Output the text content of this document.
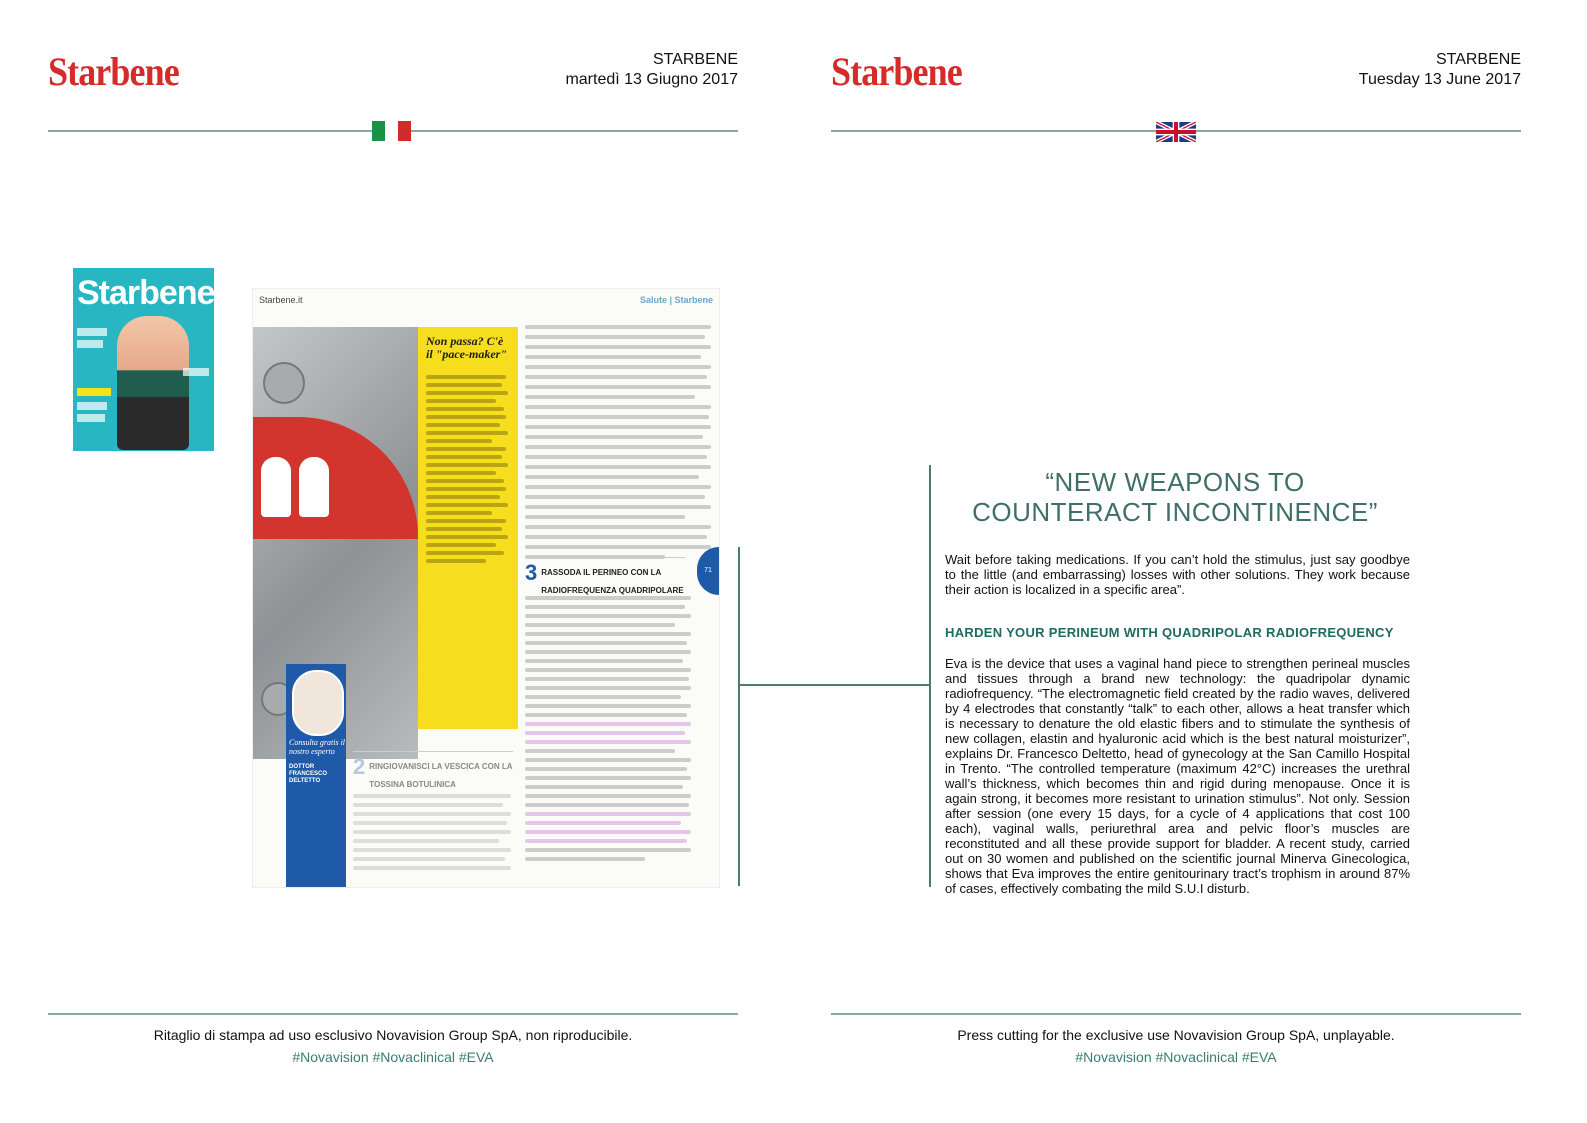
Starbene	STARBENE
martedì 13 Giugno 2017
Starbene	Starbene.it	Salute | Starbene
Non passa? C'è il "pace-maker"
3 RASSODA IL PERINEO CON LA RADIOFREQUENZA QUADRIPOLARE
71
Consulta gratis il nostro esperto
DOTTOR FRANCESCO DELTETTO
2 RINGIOVANISCI LA VESCICA CON LA TOSSINA BOTULINICA
Ritaglio di stampa ad uso esclusivo Novavision Group SpA, non riproducibile.
#Novavision #Novaclinical #EVA
Starbene	STARBENE
Tuesday 13 June 2017
“NEW WEAPONS TO COUNTERACT INCONTINENCE”
Wait before taking medications. If you can’t hold the stimulus, just say goodbye to the little (and embarrassing) losses with other solutions. They work because their action is localized in a specific area”.
HARDEN YOUR PERINEUM WITH QUADRIPOLAR RADIOFREQUENCY
Eva is the device that uses a vaginal hand piece to strengthen perineal muscles and tissues through a brand new technology: the quadripolar dynamic radiofrequency. “The electromagnetic field created by the radio waves, delivered by 4 electrodes that constantly “talk” to each other, allows a heat transfer which is necessary to denature the old elastic fibers and to stimulate the synthesis of new collagen, elastin and hyaluronic acid which is the best natural moisturizer”, explains Dr. Francesco Deltetto, head of gynecology at the San Camillo Hospital in Trento. “The controlled temperature (maximum 42°C) increases the urethral wall’s thickness, which becomes thin and rigid during menopause. Once it is again strong, it becomes more resistant to urination stimulus”. Not only. Session after session (one every 15 days, for a cycle of 4 applications that cost 100 each), vaginal walls, periurethral area and pelvic floor’s muscles are reconstituted and all these provide support for bladder. A recent study, carried out on 30 women and published on the scientific journal Minerva Ginecologica, shows that Eva improves the entire genitourinary tract’s trophism in around 87% of cases, effectively combating the mild S.U.I disturb.
Press cutting for the exclusive use Novavision Group SpA, unplayable.
#Novavision #Novaclinical #EVA
